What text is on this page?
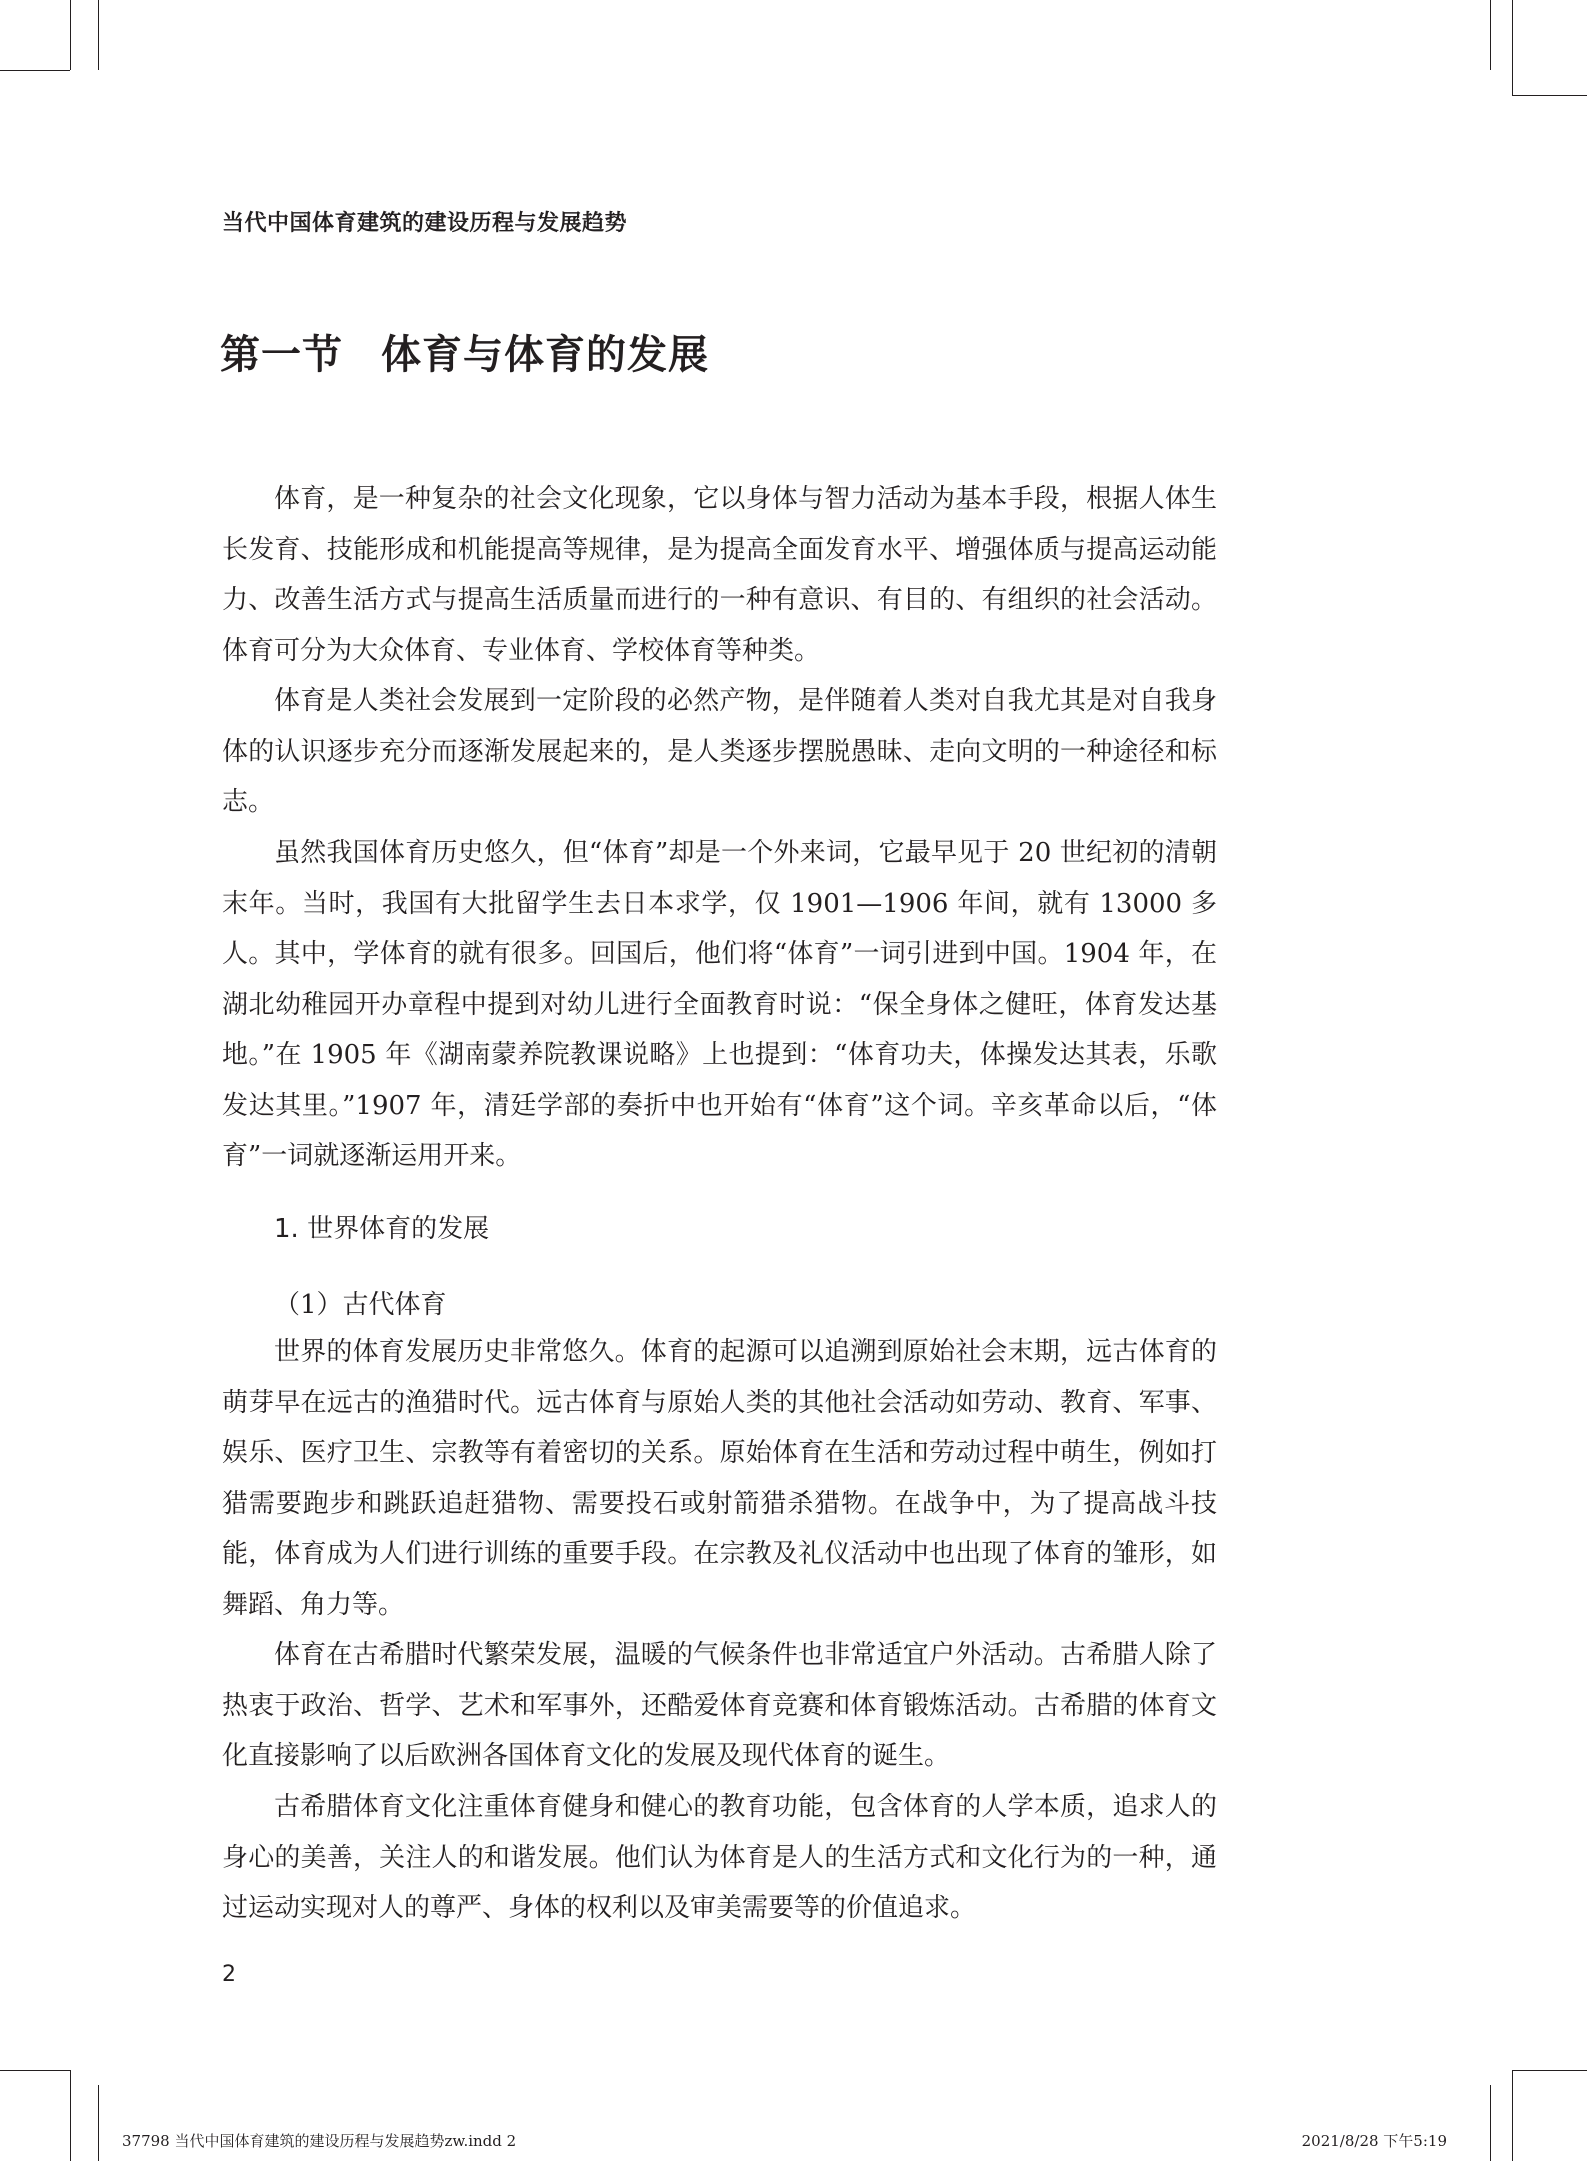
当代中国体育建筑的建设历程与发展趋势
第一节 体育与体育的发展

体育，是一种复杂的社会文化现象，它以身体与智力活动为基本手段，根据人体生长发育、技能形成和机能提高等规律，是为提高全面发育水平、增强体质与提高运动能力、改善生活方式与提高生活质量而进行的一种有意识、有目的、有组织的社会活动。体育可分为大众体育、专业体育、学校体育等种类。

体育是人类社会发展到一定阶段的必然产物，是伴随着人类对自我尤其是对自我身体的认识逐步充分而逐渐发展起来的，是人类逐步摆脱愚昧、走向文明的一种途径和标志。

虽然我国体育历史悠久，但“体育”却是一个外来词，它最早见于 20 世纪初的清朝末年。当时，我国有大批留学生去日本求学，仅 1901—1906 年间，就有 13000 多人。其中，学体育的就有很多。回国后，他们将“体育”一词引进到中国。1904 年，在湖北幼稚园开办章程中提到对幼儿进行全面教育时说：“保全身体之健旺，体育发达基地。”在 1905 年《湖南蒙养院教课说略》上也提到：“体育功夫，体操发达其表，乐歌发达其里。”1907 年，清廷学部的奏折中也开始有“体育”这个词。辛亥革命以后，“体育”一词就逐渐运用开来。

1. 世界体育的发展
（1）古代体育

世界的体育发展历史非常悠久。体育的起源可以追溯到原始社会末期，远古体育的萌芽早在远古的渔猎时代。远古体育与原始人类的其他社会活动如劳动、教育、军事、娱乐、医疗卫生、宗教等有着密切的关系。原始体育在生活和劳动过程中萌生，例如打猎需要跑步和跳跃追赶猎物、需要投石或射箭猎杀猎物。在战争中，为了提高战斗技能，体育成为人们进行训练的重要手段。在宗教及礼仪活动中也出现了体育的雏形，如舞蹈、角力等。

体育在古希腊时代繁荣发展，温暖的气候条件也非常适宜户外活动。古希腊人除了热衷于政治、哲学、艺术和军事外，还酷爱体育竞赛和体育锻炼活动。古希腊的体育文化直接影响了以后欧洲各国体育文化的发展及现代体育的诞生。

古希腊体育文化注重体育健身和健心的教育功能，包含体育的人学本质，追求人的身心的美善，关注人的和谐发展。他们认为体育是人的生活方式和文化行为的一种，通过运动实现对人的尊严、身体的权利以及审美需要等的价值追求。

2
37798 当代中国体育建筑的建设历程与发展趋势zw.indd 2	2021/8/28 下午5:19
